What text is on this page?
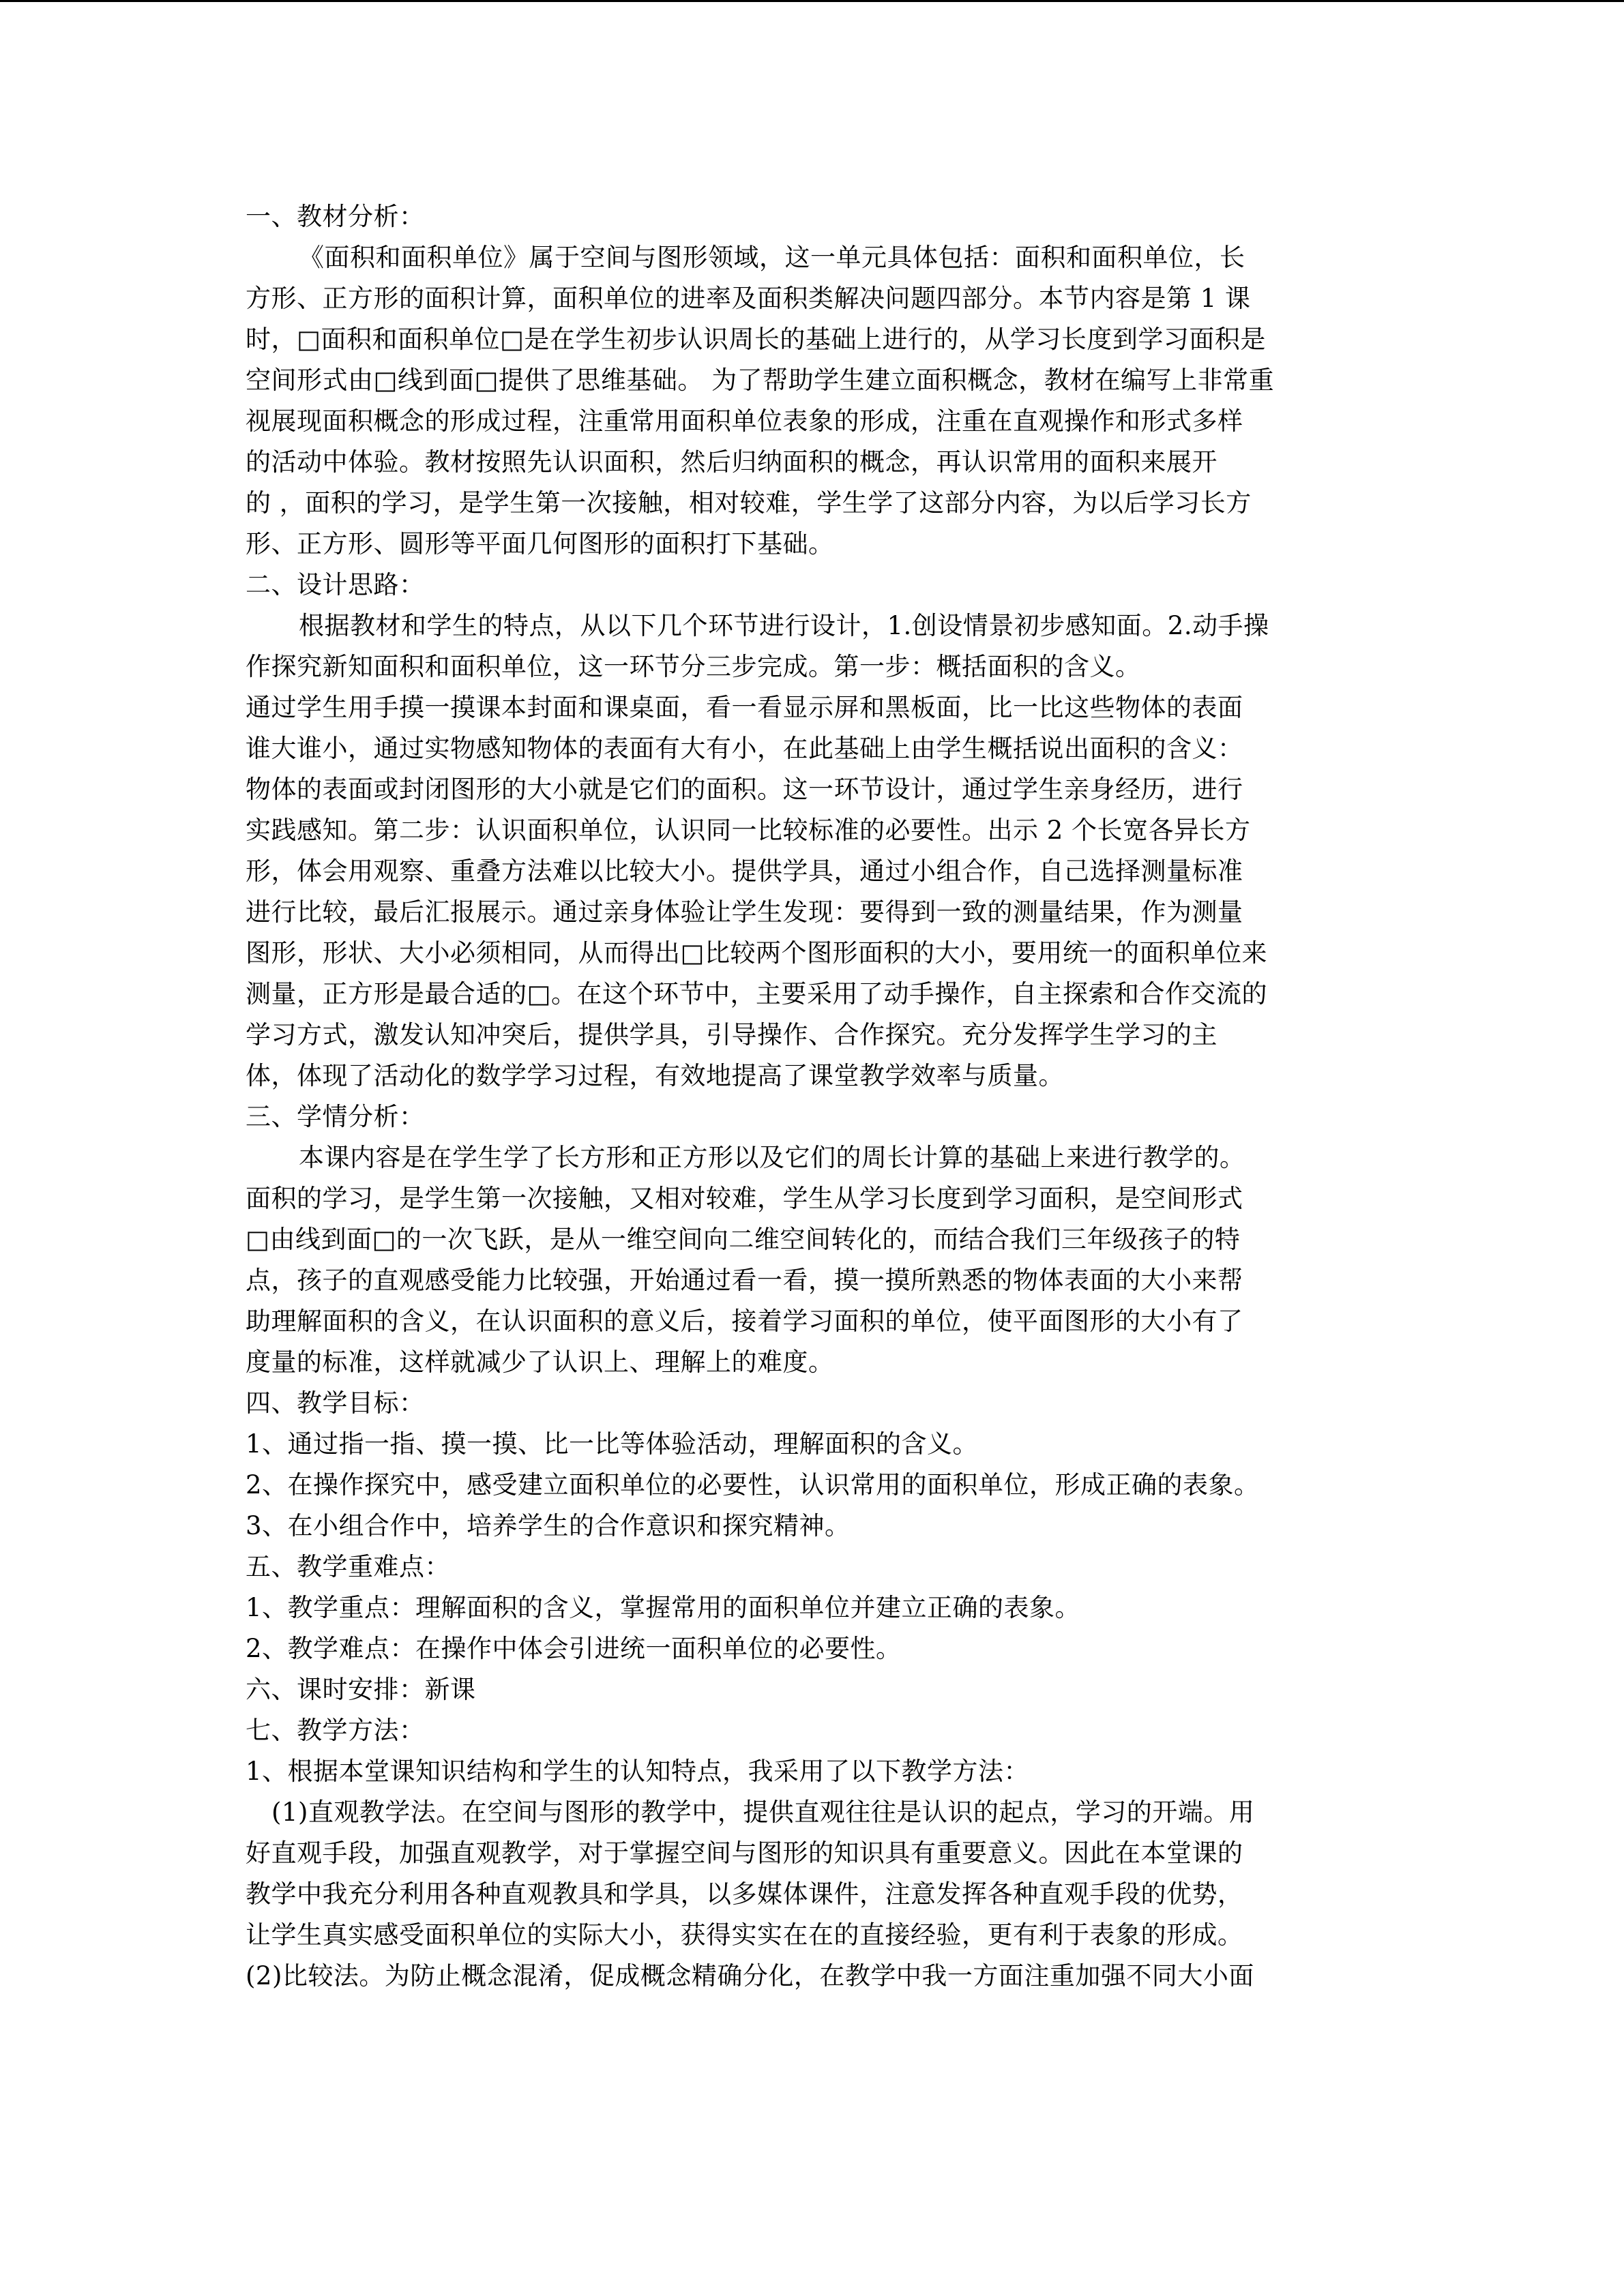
一、教材分析：
《面积和面积单位》属于空间与图形领域，这一单元具体包括：面积和面积单位，长
方形、正方形的面积计算，面积单位的进率及面积类解决问题四部分。本节内容是第 1 课
时，□面积和面积单位□是在学生初步认识周长的基础上进行的，从学习长度到学习面积是
空间形式由□线到面□提供了思维基础。 为了帮助学生建立面积概念，教材在编写上非常重
视展现面积概念的形成过程，注重常用面积单位表象的形成，注重在直观操作和形式多样
的活动中体验。教材按照先认识面积，然后归纳面积的概念，再认识常用的面积来展开
的 ，面积的学习，是学生第一次接触，相对较难，学生学了这部分内容，为以后学习长方
形、正方形、圆形等平面几何图形的面积打下基础。
二、设计思路：
根据教材和学生的特点，从以下几个环节进行设计，1.创设情景初步感知面。2.动手操
作探究新知面积和面积单位，这一环节分三步完成。第一步：概括面积的含义。
通过学生用手摸一摸课本封面和课桌面，看一看显示屏和黑板面，比一比这些物体的表面
谁大谁小，通过实物感知物体的表面有大有小，在此基础上由学生概括说出面积的含义：
物体的表面或封闭图形的大小就是它们的面积。这一环节设计，通过学生亲身经历，进行
实践感知。第二步：认识面积单位，认识同一比较标准的必要性。出示 2 个长宽各异长方
形，体会用观察、重叠方法难以比较大小。提供学具，通过小组合作，自己选择测量标准
进行比较，最后汇报展示。通过亲身体验让学生发现：要得到一致的测量结果，作为测量
图形，形状、大小必须相同，从而得出□比较两个图形面积的大小，要用统一的面积单位来
测量，正方形是最合适的□。在这个环节中，主要采用了动手操作，自主探索和合作交流的
学习方式，激发认知冲突后，提供学具，引导操作、合作探究。充分发挥学生学习的主
体，体现了活动化的数学学习过程，有效地提高了课堂教学效率与质量。
三、学情分析：
本课内容是在学生学了长方形和正方形以及它们的周长计算的基础上来进行教学的。
面积的学习，是学生第一次接触，又相对较难，学生从学习长度到学习面积，是空间形式
□由线到面□的一次飞跃，是从一维空间向二维空间转化的，而结合我们三年级孩子的特
点，孩子的直观感受能力比较强，开始通过看一看，摸一摸所熟悉的物体表面的大小来帮
助理解面积的含义，在认识面积的意义后，接着学习面积的单位，使平面图形的大小有了
度量的标准，这样就减少了认识上、理解上的难度。
四、教学目标：
1、通过指一指、摸一摸、比一比等体验活动，理解面积的含义。
2、在操作探究中，感受建立面积单位的必要性，认识常用的面积单位，形成正确的表象。
3、在小组合作中，培养学生的合作意识和探究精神。
五、教学重难点：
1、教学重点：理解面积的含义，掌握常用的面积单位并建立正确的表象。
2、教学难点：在操作中体会引进统一面积单位的必要性。
六、课时安排：新课
七、教学方法：
1、根据本堂课知识结构和学生的认知特点，我采用了以下教学方法：
(1)直观教学法。在空间与图形的教学中，提供直观往往是认识的起点，学习的开端。用
好直观手段，加强直观教学，对于掌握空间与图形的知识具有重要意义。因此在本堂课的
教学中我充分利用各种直观教具和学具，以多媒体课件，注意发挥各种直观手段的优势，
让学生真实感受面积单位的实际大小，获得实实在在的直接经验，更有利于表象的形成。
(2)比较法。为防止概念混淆，促成概念精确分化，在教学中我一方面注重加强不同大小面
